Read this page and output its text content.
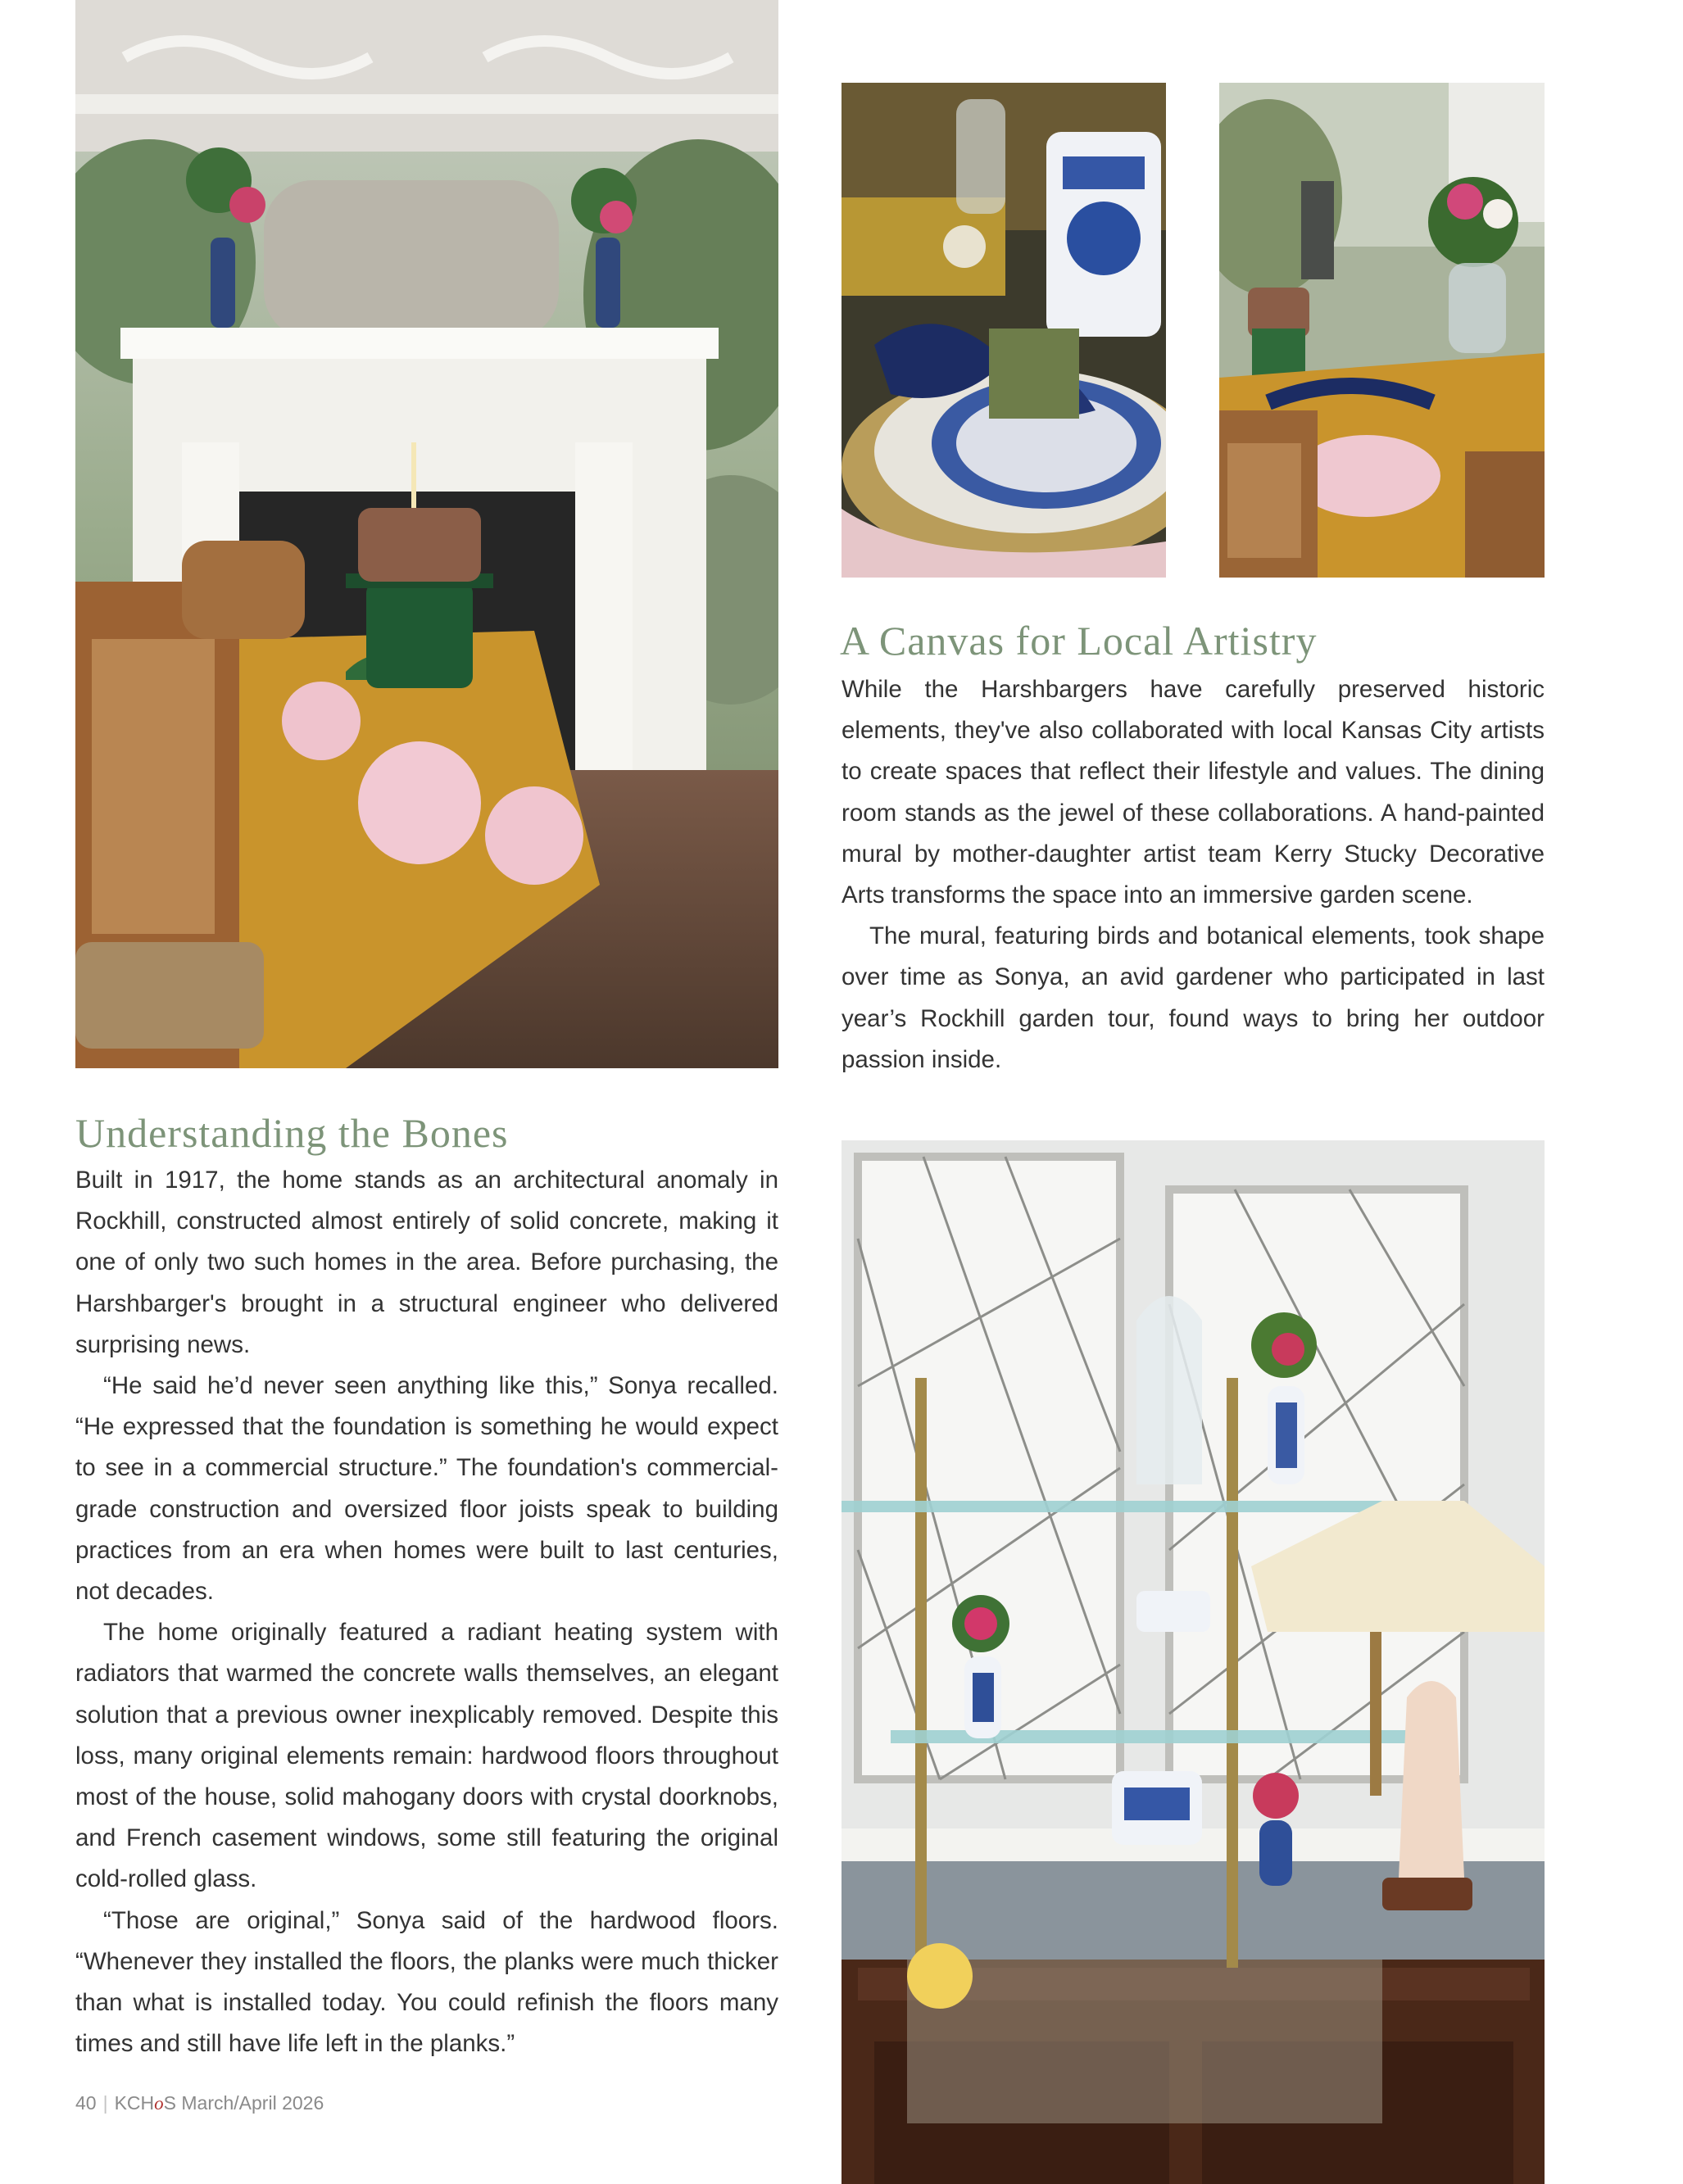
A Canvas for Local Artistry

While the Harshbargers have carefully preserved historic elements, they've also collaborated with local Kansas City artists to create spaces that reflect their lifestyle and values. The dining room stands as the jewel of these collaborations. A hand-painted mural by mother-daughter artist team Kerry Stucky Decorative Arts transforms the space into an immersive garden scene.

The mural, featuring birds and botanical elements, took shape over time as Sonya, an avid gardener who participated in last year’s Rockhill garden tour, found ways to bring her outdoor passion inside.

Understanding the Bones

Built in 1917, the home stands as an architectural anomaly in Rockhill, constructed almost entirely of solid concrete, making it one of only two such homes in the area. Before purchasing, the Harshbarger's brought in a structural engineer who delivered surprising news.

“He said he’d never seen anything like this,” Sonya recalled. “He expressed that the foundation is something he would expect to see in a commercial structure.” The foundation's commercial-grade construction and oversized floor joists speak to building practices from an era when homes were built to last centuries, not decades.

The home originally featured a radiant heating system with radiators that warmed the concrete walls themselves, an elegant solution that a previous owner inexplicably removed. Despite this loss, many original elements remain: hardwood floors throughout most of the house, solid mahogany doors with crystal doorknobs, and French casement windows, some still featuring the original cold-rolled glass.

“Those are original,” Sonya said of the hardwood floors. “Whenever they installed the floors, the planks were much thicker than what is installed today. You could refinish the floors many times and still have life left in the planks.”

40 | KCHoS March/April 2026
